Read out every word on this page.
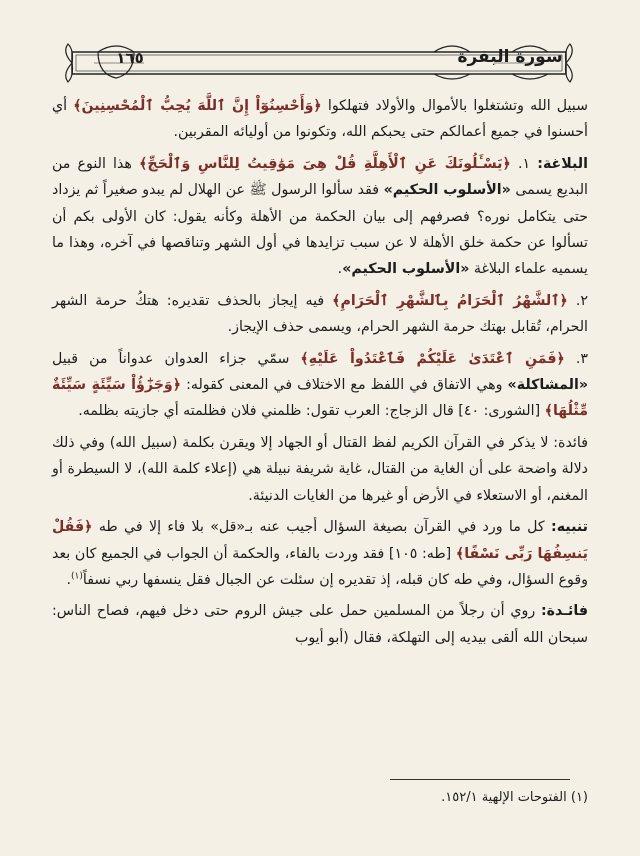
سورة البقرة
١٦٥

سبيل الله وتشتغلوا بالأموال والأولاد فتهلكوا ﴿وَأَحْسِنُوٓاْ إِنَّ ٱللَّهَ يُحِبُّ ٱلْمُحْسِنِينَ﴾ أي أحسنوا في جميع أعمالكم حتى يحبكم الله، وتكونوا من أوليائه المقربين.

البلاغة: ١. ﴿يَسْـَٔلُونَكَ عَنِ ٱلْأَهِلَّةِ قُلْ هِىَ مَوَٰقِيتُ لِلنَّاسِ وَٱلْحَجِّ﴾ هذا النوع من البديع يسمى «الأسلوب الحكيم» فقد سألوا الرسول ﷺ عن الهلال لم يبدو صغيراً ثم يزداد حتى يتكامل نوره؟ فصرفهم إلى بيان الحكمة من الأهلة وكأنه يقول: كان الأولى بكم أن تسألوا عن حكمة خلق الأهلة لا عن سبب تزايدها في أول الشهر وتناقصها في آخره، وهذا ما يسميه علماء البلاغة «الأسلوب الحكيم».

٢. ﴿ٱلشَّهْرُ ٱلْحَرَامُ بِٱلشَّهْرِ ٱلْحَرَامِ﴾ فيه إيجاز بالحذف تقديره: هتكُ حرمة الشهر الحرام، تُقابل بهتك حرمة الشهر الحرام، ويسمى حذف الإيجاز.

٣. ﴿فَمَنِ ٱعْتَدَىٰ عَلَيْكُمْ فَٱعْتَدُواْ عَلَيْهِ﴾ سمّي جزاء العدوان عدواناً من قبيل «المشاكلة» وهي الاتفاق في اللفظ مع الاختلاف في المعنى كقوله: ﴿وَجَزَٰٓؤُاْ سَيِّئَةٍ سَيِّئَةٌ مِّثْلُهَا﴾ [الشورى: ٤٠] قال الزجاج: العرب تقول: ظلمني فلان فظلمته أي جازيته بظلمه.

فائدة: لا يذكر في القرآن الكريم لفظ القتال أو الجهاد إلا ويقرن بكلمة (سبيل الله) وفي ذلك دلالة واضحة على أن الغاية من القتال، غاية شريفة نبيلة هي (إعلاء كلمة الله)، لا السيطرة أو المغنم، أو الاستعلاء في الأرض أو غيرها من الغايات الدنيئة.

تنبيه: كل ما ورد في القرآن بصيغة السؤال أجيب عنه بـ«قل» بلا فاء إلا في طه ﴿فَقُلْ يَنسِفُهَا رَبِّى نَسْفًا﴾ [طه: ١٠٥] فقد وردت بالفاء، والحكمة أن الجواب في الجميع كان بعد وقوع السؤال، وفي طه كان قبله، إذ تقديره إن سئلت عن الجبال فقل ينسفها ربي نسفاً$^{(١)}$.

فائـدة: روي أن رجلاً من المسلمين حمل على جيش الروم حتى دخل فيهم، فصاح الناس: سبحان الله ألقى بيديه إلى التهلكة، فقال (أبو أيوب

(١) الفتوحات الإلهية ١٥٢/١.
